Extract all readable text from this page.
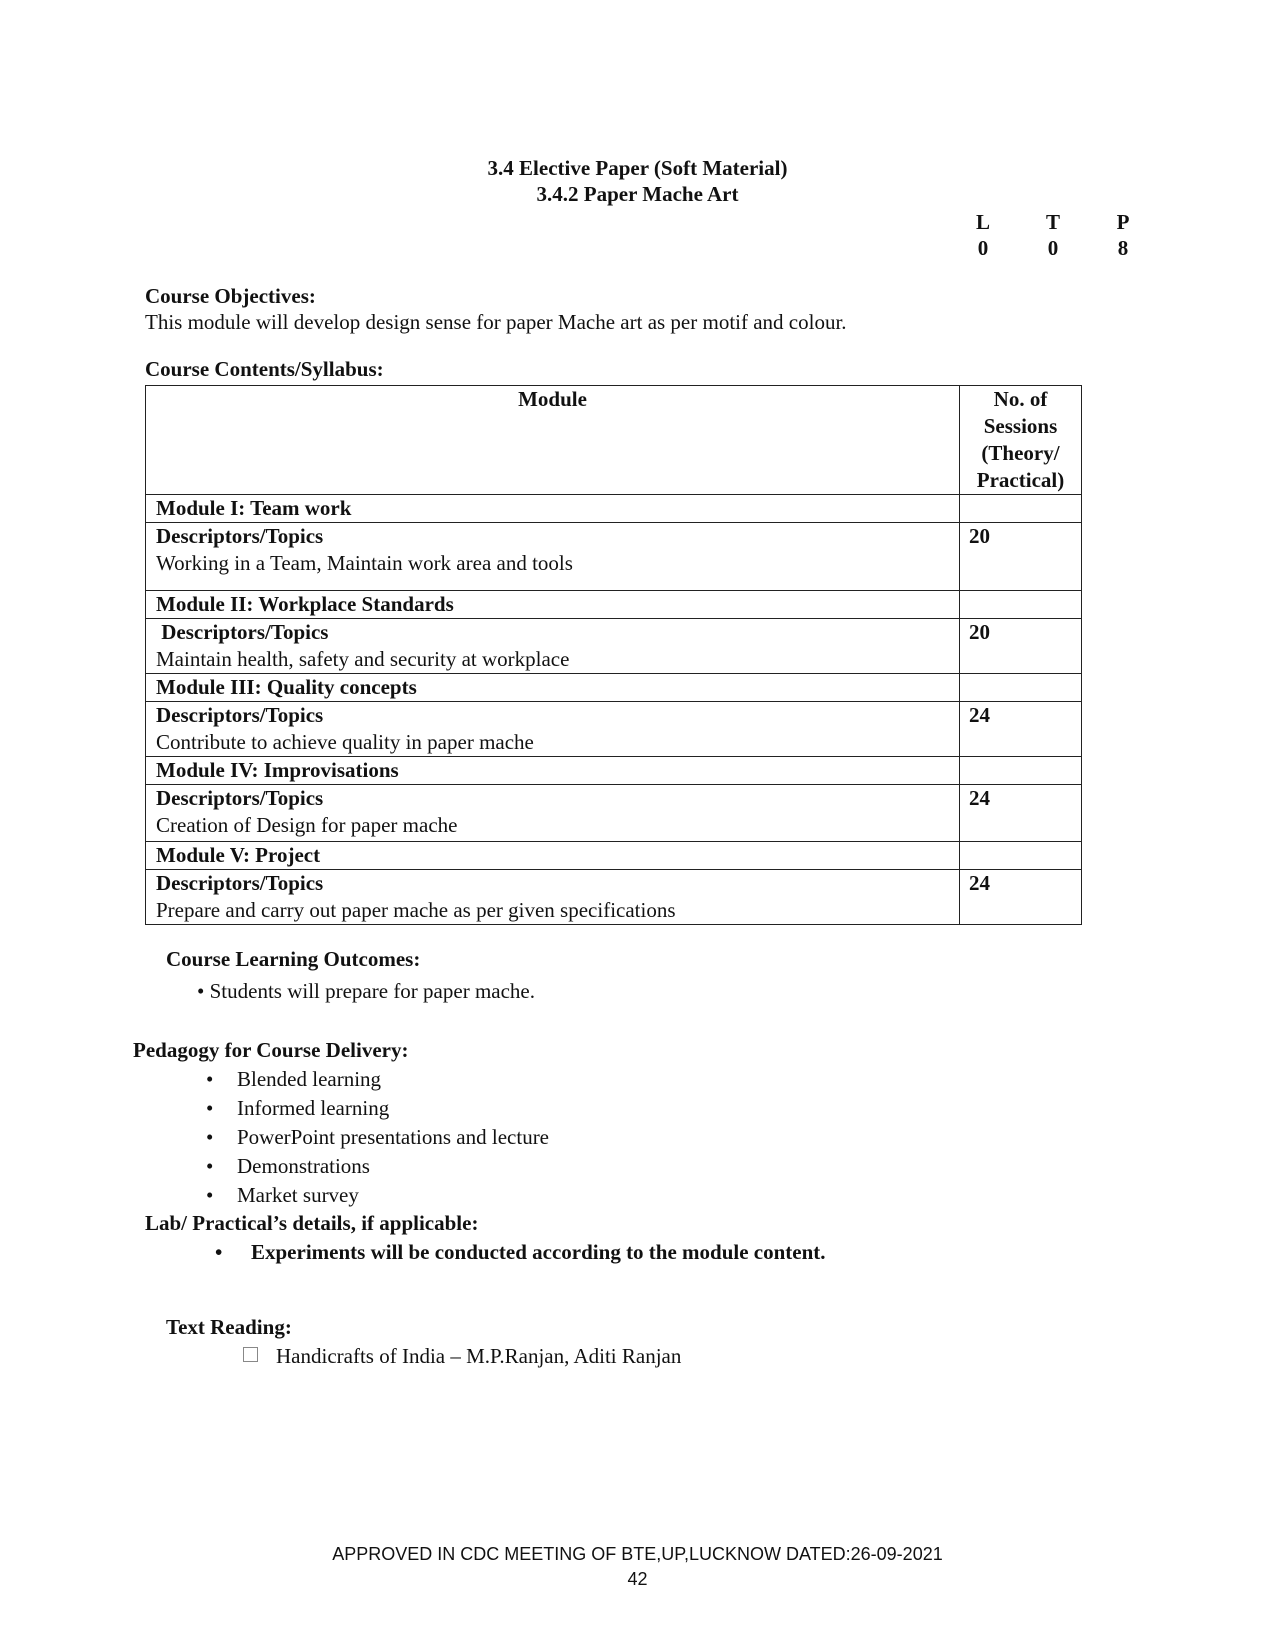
3.4 Elective Paper (Soft Material)
3.4.2 Paper Mache Art
L	T	P
0	0	8
Course Objectives:
This module will develop design sense for paper Mache art as per motif and colour.
Course Contents/Syllabus:
Module	No. of
Sessions
(Theory/
Practical)

Module I: Team work	

Descriptors/Topics
Working in a Team, Maintain work area and tools	20
Module II: Workplace Standards	

Descriptors/Topics
Maintain health, safety and security at workplace	20
Module III: Quality concepts	

Descriptors/Topics
Contribute to achieve quality in paper mache	24
Module IV: Improvisations	

Descriptors/Topics
Creation of Design for paper mache	24
Module V: Project	

Descriptors/Topics
Prepare and carry out paper mache as per given specifications	24
Course Learning Outcomes:
• Students will prepare for paper mache.
Pedagogy for Course Delivery:
• Blended learning
• Informed learning
• PowerPoint presentations and lecture
• Demonstrations
• Market survey
Lab/ Practical’s details, if applicable:
• Experiments will be conducted according to the module content.
Text Reading:
Handicrafts of India – M.P.Ranjan, Aditi Ranjan
APPROVED IN CDC MEETING OF BTE,UP,LUCKNOW DATED:26-09-2021
42
